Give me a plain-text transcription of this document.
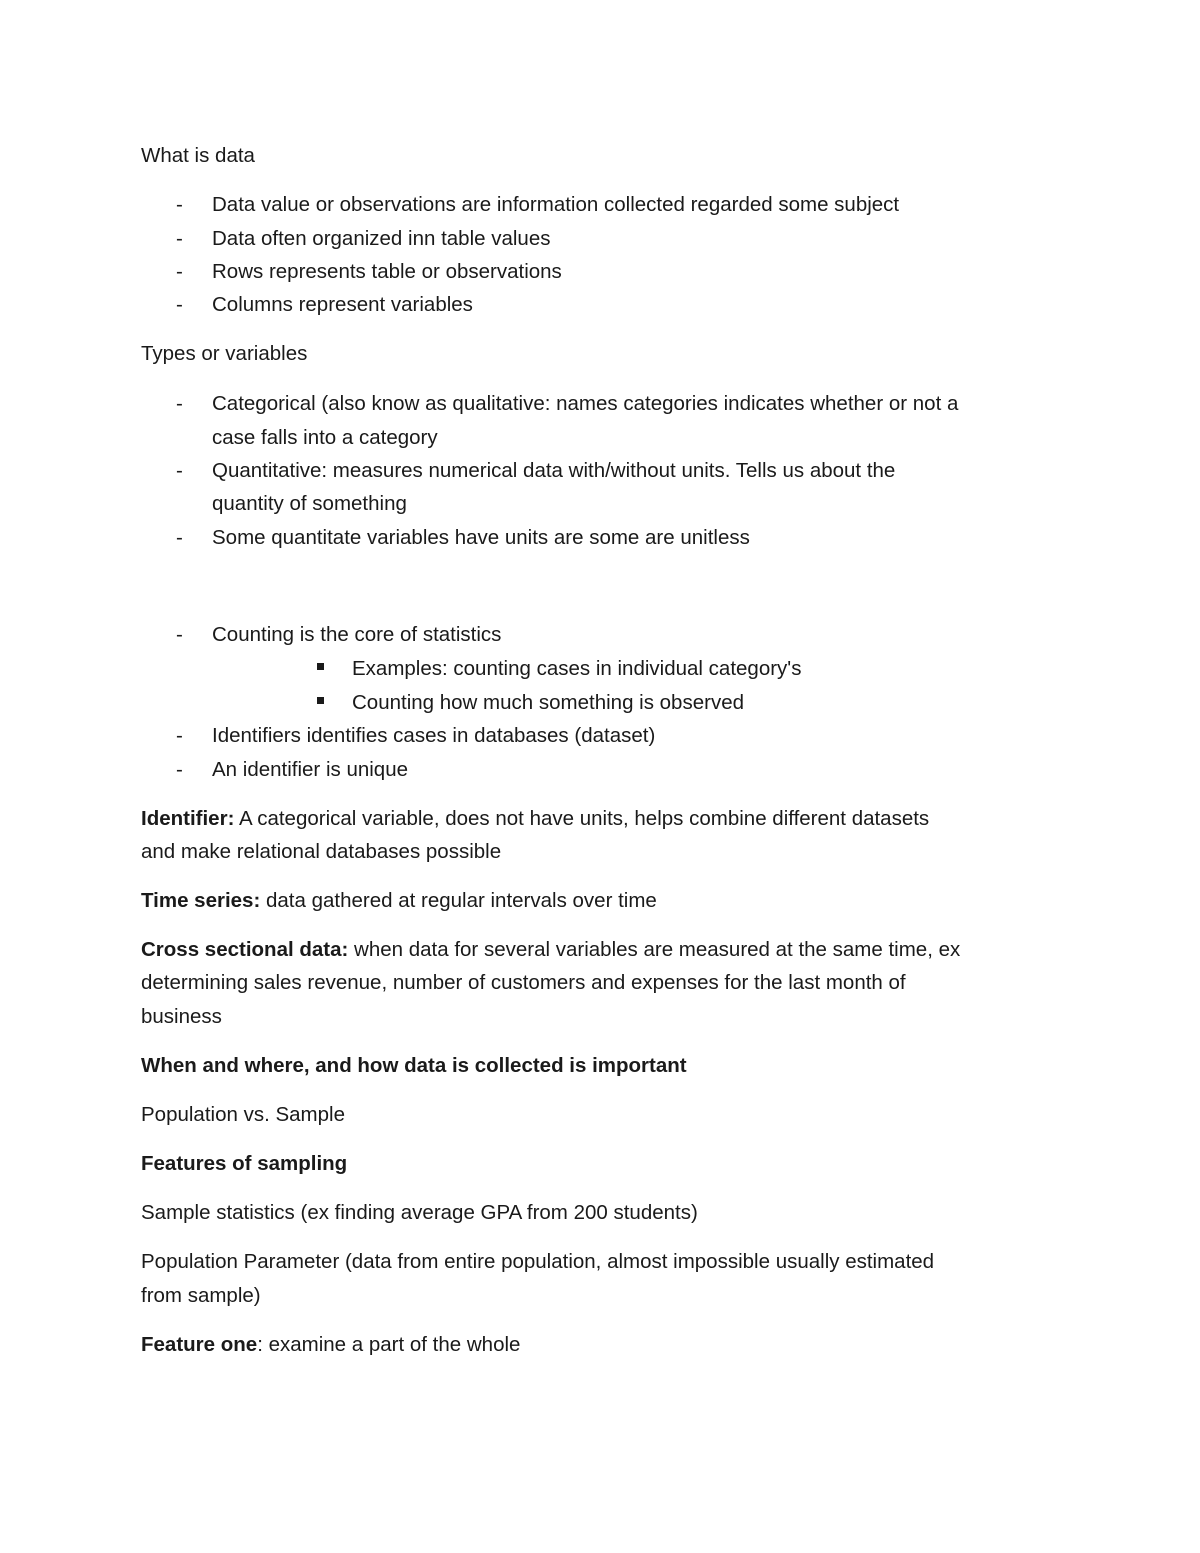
What is data
- Data value or observations are information collected regarded some subject
- Data often organized inn table values
- Rows represents table or observations
- Columns represent variables
Types or variables
- Categorical (also know as qualitative: names categories indicates whether or not a
case falls into a category
- Quantitative: measures numerical data with/without units. Tells us about the
quantity of something
- Some quantitate variables have units are some are unitless
- Counting is the core of statistics
Examples: counting cases in individual category's
Counting how much something is observed
- Identifiers identifies cases in databases (dataset)
- An identifier is unique
Identifier: A categorical variable, does not have units, helps combine different datasets
and make relational databases possible
Time series: data gathered at regular intervals over time
Cross sectional data: when data for several variables are measured at the same time, ex
determining sales revenue, number of customers and expenses for the last month of
business
When and where, and how data is collected is important
Population vs. Sample
Features of sampling
Sample statistics (ex finding average GPA from 200 students)
Population Parameter (data from entire population, almost impossible usually estimated
from sample)
Feature one: examine a part of the whole
